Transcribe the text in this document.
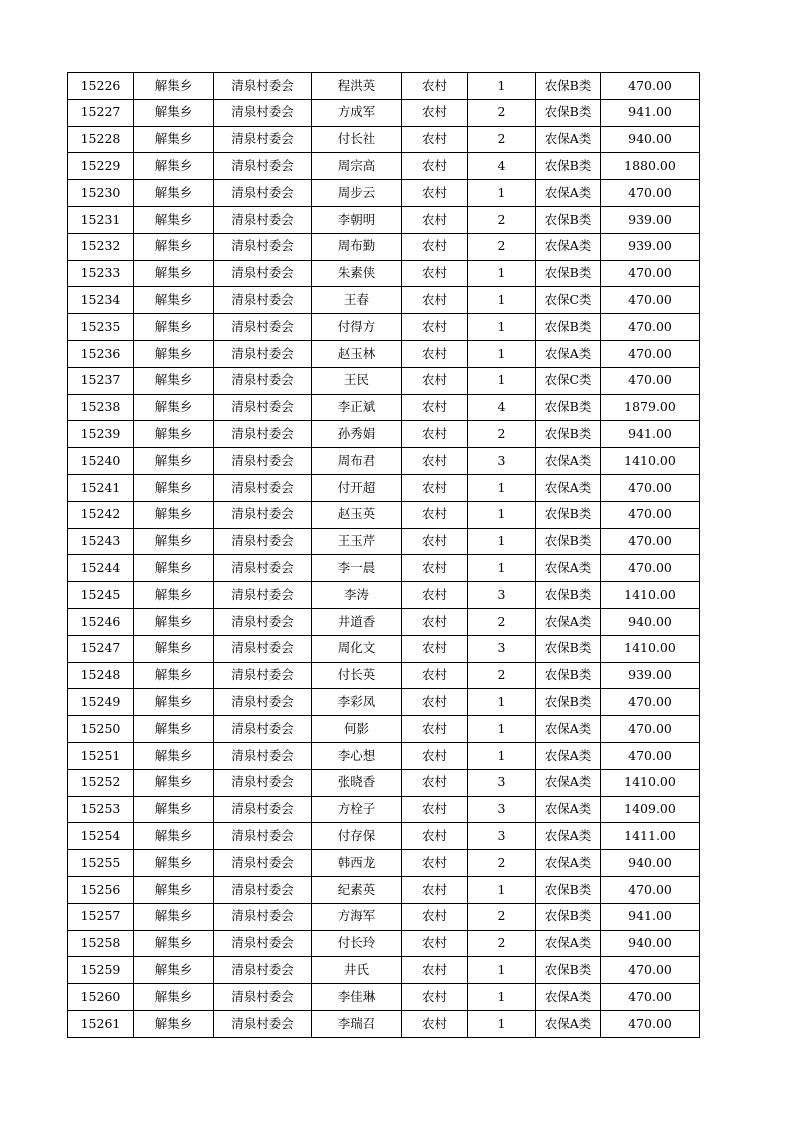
15226	解集乡	清泉村委会	程洪英	农村	1	农保B类	470.00
15227	解集乡	清泉村委会	方成军	农村	2	农保B类	941.00
15228	解集乡	清泉村委会	付长社	农村	2	农保A类	940.00
15229	解集乡	清泉村委会	周宗高	农村	4	农保B类	1880.00
15230	解集乡	清泉村委会	周步云	农村	1	农保A类	470.00
15231	解集乡	清泉村委会	李朝明	农村	2	农保B类	939.00
15232	解集乡	清泉村委会	周布勤	农村	2	农保A类	939.00
15233	解集乡	清泉村委会	朱素侠	农村	1	农保B类	470.00
15234	解集乡	清泉村委会	王春	农村	1	农保C类	470.00
15235	解集乡	清泉村委会	付得方	农村	1	农保B类	470.00
15236	解集乡	清泉村委会	赵玉林	农村	1	农保A类	470.00
15237	解集乡	清泉村委会	王民	农村	1	农保C类	470.00
15238	解集乡	清泉村委会	李正斌	农村	4	农保B类	1879.00
15239	解集乡	清泉村委会	孙秀娟	农村	2	农保B类	941.00
15240	解集乡	清泉村委会	周布君	农村	3	农保A类	1410.00
15241	解集乡	清泉村委会	付开超	农村	1	农保A类	470.00
15242	解集乡	清泉村委会	赵玉英	农村	1	农保B类	470.00
15243	解集乡	清泉村委会	王玉芹	农村	1	农保B类	470.00
15244	解集乡	清泉村委会	李一晨	农村	1	农保A类	470.00
15245	解集乡	清泉村委会	李涛	农村	3	农保B类	1410.00
15246	解集乡	清泉村委会	井道香	农村	2	农保A类	940.00
15247	解集乡	清泉村委会	周化文	农村	3	农保B类	1410.00
15248	解集乡	清泉村委会	付长英	农村	2	农保B类	939.00
15249	解集乡	清泉村委会	李彩凤	农村	1	农保B类	470.00
15250	解集乡	清泉村委会	何影	农村	1	农保A类	470.00
15251	解集乡	清泉村委会	李心想	农村	1	农保A类	470.00
15252	解集乡	清泉村委会	张晓香	农村	3	农保A类	1410.00
15253	解集乡	清泉村委会	方栓子	农村	3	农保A类	1409.00
15254	解集乡	清泉村委会	付存保	农村	3	农保A类	1411.00
15255	解集乡	清泉村委会	韩西龙	农村	2	农保A类	940.00
15256	解集乡	清泉村委会	纪素英	农村	1	农保B类	470.00
15257	解集乡	清泉村委会	方海军	农村	2	农保B类	941.00
15258	解集乡	清泉村委会	付长玲	农村	2	农保A类	940.00
15259	解集乡	清泉村委会	井氏	农村	1	农保B类	470.00
15260	解集乡	清泉村委会	李佳琳	农村	1	农保A类	470.00
15261	解集乡	清泉村委会	李瑞召	农村	1	农保A类	470.00
